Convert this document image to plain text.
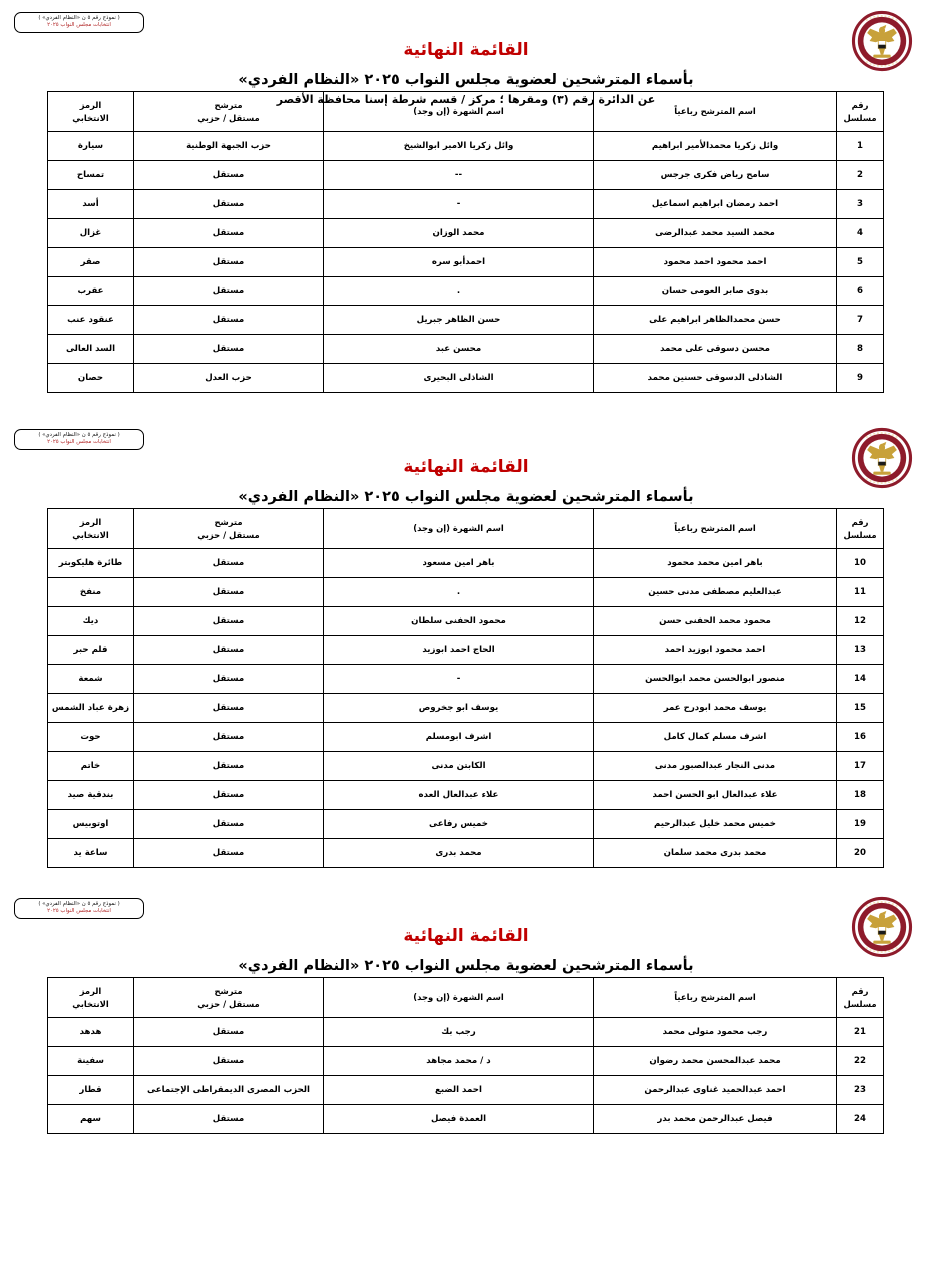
( نموذج رقم ٥ ن «النظام الفردي» )
انتخابات مجلس النواب ٢٠٢٥
القائمة النهائية
بأسماء المترشحين لعضوية مجلس النواب ٢٠٢٥ «النظام الفردي»
عن الدائرة رقم (٣) ومقرها ؛ مركز / قسم شرطة إسنا محافظة الأقصر	رقم
مسلسل	اسم المترشح رباعياً	اسم الشهرة (إن وجد)	مترشح
مستقل / حزبي	الرمز
الانتخابي
1	وائل زكريا محمدالأمير ابراهيم	وائل زكريا الامير ابوالشيخ	حزب الجبهة الوطنية	سيارة
2	سامح رياض فكرى جرجس	--	مستقل	تمساح
3	احمد رمضان ابراهيم اسماعيل	-	مستقل	أسد
4	محمد السيد محمد عبدالرضى	محمد الوزان	مستقل	غزال
5	احمد محمود احمد محمود	احمدأبو سره	مستقل	صقر
6	بدوى صابر العومى حسان	.	مستقل	عقرب
7	حسن محمدالظاهر ابراهيم على	حسن الظاهر جبريل	مستقل	عنقود عنب
8	محسن دسوقى على محمد	محسن عبد	مستقل	السد العالى
9	الشاذلى الدسوقى حسنين محمد	الشاذلى البحيرى	حزب العدل	حصان
( نموذج رقم ٥ ن «النظام الفردي» )
انتخابات مجلس النواب ٢٠٢٥
القائمة النهائية
بأسماء المترشحين لعضوية مجلس النواب ٢٠٢٥ «النظام الفردي»
رقم
مسلسل	اسم المترشح رباعياً	اسم الشهرة (إن وجد)	مترشح
مستقل / حزبي	الرمز
الانتخابي
10	باهر امين محمد محمود	باهر امين مسعود	مستقل	طائرة هليكوبتر
11	عبدالعليم مصطفى مدنى حسين	.	مستقل	منفخ
12	محمود محمد الحفنى حسن	محمود الحفنى سلطان	مستقل	ديك
13	احمد محمود ابوزيد احمد	الحاج احمد ابوزيد	مستقل	قلم حبر
14	منصور ابوالحسن محمد ابوالحسن	-	مستقل	شمعة
15	يوسف محمد ابودرح عمر	يوسف ابو جخروص	مستقل	زهرة عباد الشمس
16	اشرف مسلم كمال كامل	اشرف ابومسلم	مستقل	حوت
17	مدنى النجار عبدالصبور مدنى	الكابتن مدنى	مستقل	خاتم
18	علاء عبدالعال ابو الحسن احمد	علاء عبدالعال العده	مستقل	بندقية صيد
19	خميس محمد خليل عبدالرحيم	خميس رفاعى	مستقل	اوتوبيس
20	محمد بدرى محمد سلمان	محمد بدرى	مستقل	ساعة يد
( نموذج رقم ٥ ن «النظام الفردي» )
انتخابات مجلس النواب ٢٠٢٥
القائمة النهائية
بأسماء المترشحين لعضوية مجلس النواب ٢٠٢٥ «النظام الفردي»
رقم
مسلسل	اسم المترشح رباعياً	اسم الشهرة (إن وجد)	مترشح
مستقل / حزبي	الرمز
الانتخابي
21	رجب محمود متولى محمد	رجب بك	مستقل	هدهد
22	محمد عبدالمحسن محمد رضوان	د / محمد مجاهد	مستقل	سفينة
23	احمد عبدالحميد غناوى عبدالرحمن	احمد الضبع	الحزب المصرى الديمقراطى الإجتماعى	قطار
24	فيصل عبدالرحمن محمد بدر	العمدة فيصل	مستقل	سهم
